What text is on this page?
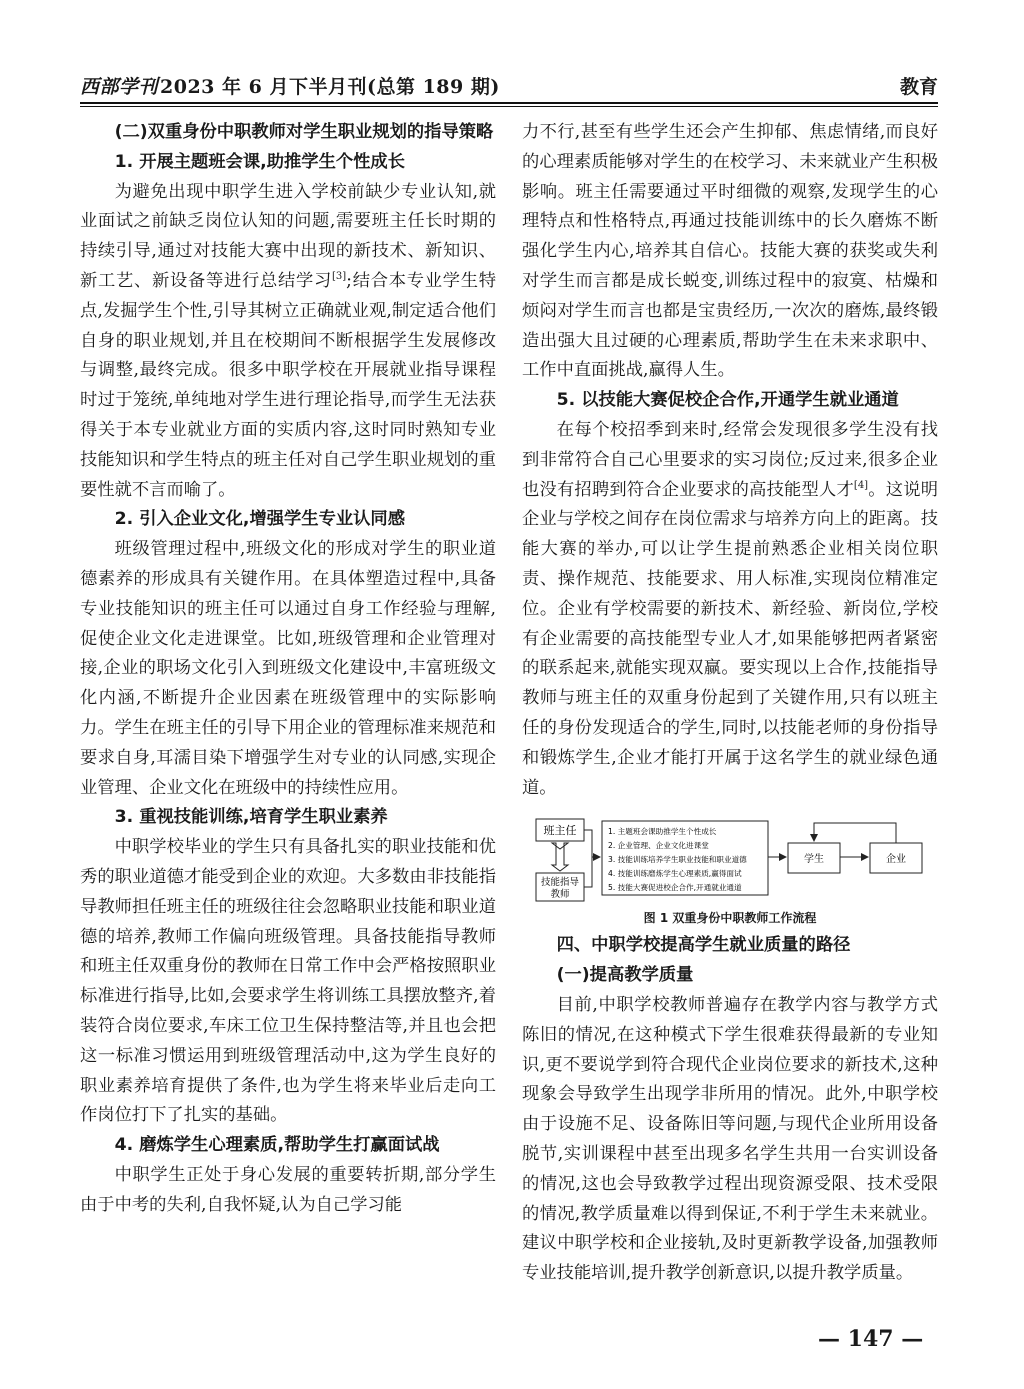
西部学刊 2023 年 6 月下半月刊(总第 189 期)	教育

(二)双重身份中职教师对学生职业规划的指导策略

1. 开展主题班会课,助推学生个性成长

为避免出现中职学生进入学校前缺少专业认知,就业面试之前缺乏岗位认知的问题,需要班主任长时期的持续引导,通过对技能大赛中出现的新技术、新知识、新工艺、新设备等进行总结学习[3];结合本专业学生特点,发掘学生个性,引导其树立正确就业观,制定适合他们自身的职业规划,并且在校期间不断根据学生发展修改与调整,最终完成。很多中职学校在开展就业指导课程时过于笼统,单纯地对学生进行理论指导,而学生无法获得关于本专业就业方面的实质内容,这时同时熟知专业技能知识和学生特点的班主任对自己学生职业规划的重要性就不言而喻了。

2. 引入企业文化,增强学生专业认同感

班级管理过程中,班级文化的形成对学生的职业道德素养的形成具有关键作用。在具体塑造过程中,具备专业技能知识的班主任可以通过自身工作经验与理解,促使企业文化走进课堂。比如,班级管理和企业管理对接,企业的职场文化引入到班级文化建设中,丰富班级文化内涵,不断提升企业因素在班级管理中的实际影响力。学生在班主任的引导下用企业的管理标准来规范和要求自身,耳濡目染下增强学生对专业的认同感,实现企业管理、企业文化在班级中的持续性应用。

3. 重视技能训练,培育学生职业素养

中职学校毕业的学生只有具备扎实的职业技能和优秀的职业道德才能受到企业的欢迎。大多数由非技能指导教师担任班主任的班级往往会忽略职业技能和职业道德的培养,教师工作偏向班级管理。具备技能指导教师和班主任双重身份的教师在日常工作中会严格按照职业标准进行指导,比如,会要求学生将训练工具摆放整齐,着装符合岗位要求,车床工位卫生保持整洁等,并且也会把这一标准习惯运用到班级管理活动中,这为学生良好的职业素养培育提供了条件,也为学生将来毕业后走向工作岗位打下了扎实的基础。

4. 磨炼学生心理素质,帮助学生打赢面试战

中职学生正处于身心发展的重要转折期,部分学生由于中考的失利,自我怀疑,认为自己学习能

力不行,甚至有些学生还会产生抑郁、焦虑情绪,而良好的心理素质能够对学生的在校学习、未来就业产生积极影响。班主任需要通过平时细微的观察,发现学生的心理特点和性格特点,再通过技能训练中的长久磨炼不断强化学生内心,培养其自信心。技能大赛的获奖或失利对学生而言都是成长蜕变,训练过程中的寂寞、枯燥和烦闷对学生而言也都是宝贵经历,一次次的磨炼,最终锻造出强大且过硬的心理素质,帮助学生在未来求职中、工作中直面挑战,赢得人生。

5. 以技能大赛促校企合作,开通学生就业通道

在每个校招季到来时,经常会发现很多学生没有找到非常符合自己心里要求的实习岗位;反过来,很多企业也没有招聘到符合企业要求的高技能型人才[4]。这说明企业与学校之间存在岗位需求与培养方向上的距离。技能大赛的举办,可以让学生提前熟悉企业相关岗位职责、操作规范、技能要求、用人标准,实现岗位精准定位。企业有学校需要的新技术、新经验、新岗位,学校有企业需要的高技能型专业人才,如果能够把两者紧密的联系起来,就能实现双赢。要实现以上合作,技能指导教师与班主任的双重身份起到了关键作用,只有以班主任的身份发现适合的学生,同时,以技能老师的身份指导和锻炼学生,企业才能打开属于这名学生的就业绿色通道。

班主任
技能指导
教师
1. 主题班会课助推学生个性成长
2. 企业管理、企业文化进课堂
3. 技能训练培养学生职业技能和职业道德
4. 技能训练磨炼学生心理素质,赢得面试
5. 技能大赛促进校企合作,开通就业通道
学生	企业

图 1 双重身份中职教师工作流程

四、中职学校提高学生就业质量的路径

(一)提高教学质量

目前,中职学校教师普遍存在教学内容与教学方式陈旧的情况,在这种模式下学生很难获得最新的专业知识,更不要说学到符合现代企业岗位要求的新技术,这种现象会导致学生出现学非所用的情况。此外,中职学校由于设施不足、设备陈旧等问题,与现代企业所用设备脱节,实训课程中甚至出现多名学生共用一台实训设备的情况,这也会导致教学过程出现资源受限、技术受限的情况,教学质量难以得到保证,不利于学生未来就业。建议中职学校和企业接轨,及时更新教学设备,加强教师专业技能培训,提升教学创新意识,以提升教学质量。

— 147 —
